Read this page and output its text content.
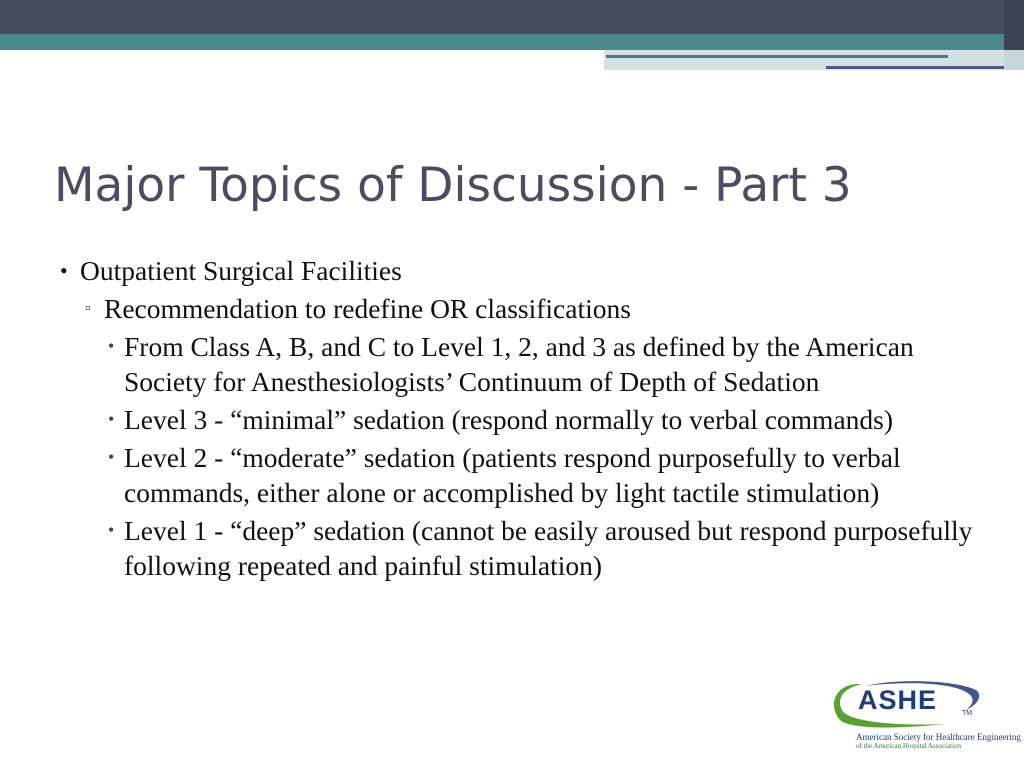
Major Topics of Discussion - Part 3
• Outpatient Surgical Facilities
▫ Recommendation to redefine OR classifications
• From Class A, B, and C to Level 1, 2, and 3 as defined by the American Society for Anesthesiologists’ Continuum of Depth of Sedation
• Level 3 - “minimal” sedation (respond normally to verbal commands)
• Level 2 - “moderate” sedation (patients respond purposefully to verbal commands, either alone or accomplished by light tactile stimulation)
• Level 1 - “deep” sedation (cannot be easily aroused but respond purposefully following repeated and painful stimulation)
ASHE	TM
American Society for Healthcare Engineering
of the American Hospital Association
